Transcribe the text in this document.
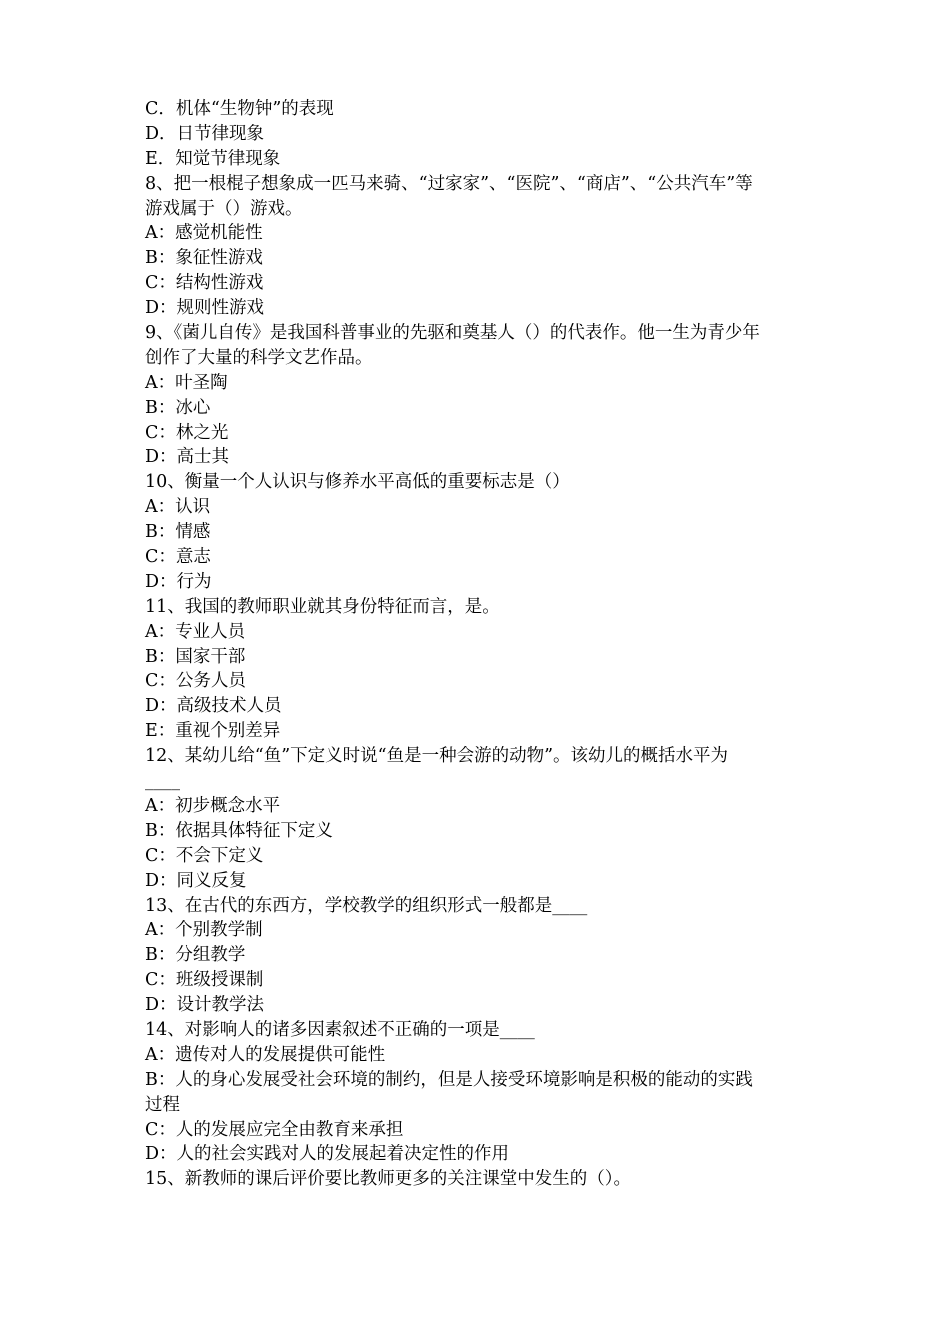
C．机体“生物钟”的表现
D．日节律现象
E．知觉节律现象
8、把一根棍子想象成一匹马来骑、“过家家”、“医院”、“商店”、“公共汽车”等
游戏属于（）游戏。
A：感觉机能性
B：象征性游戏
C：结构性游戏
D：规则性游戏
9、《菌儿自传》是我国科普事业的先驱和奠基人（）的代表作。他一生为青少年
创作了大量的科学文艺作品。
A：叶圣陶
B：冰心
C：林之光
D：高士其
10、衡量一个人认识与修养水平高低的重要标志是（）
A：认识
B：情感
C：意志
D：行为
11、我国的教师职业就其身份特征而言，是。
A：专业人员
B：国家干部
C：公务人员
D：高级技术人员
E：重视个别差异
12、某幼儿给“鱼”下定义时说“鱼是一种会游的动物”。该幼儿的概括水平为
____
A：初步概念水平
B：依据具体特征下定义
C：不会下定义
D：同义反复
13、在古代的东西方，学校教学的组织形式一般都是____
A：个别教学制
B：分组教学
C：班级授课制
D：设计教学法
14、对影响人的诸多因素叙述不正确的一项是____
A：遗传对人的发展提供可能性
B：人的身心发展受社会环境的制约，但是人接受环境影响是积极的能动的实践
过程
C：人的发展应完全由教育来承担
D：人的社会实践对人的发展起着决定性的作用
15、新教师的课后评价要比教师更多的关注课堂中发生的（）。
